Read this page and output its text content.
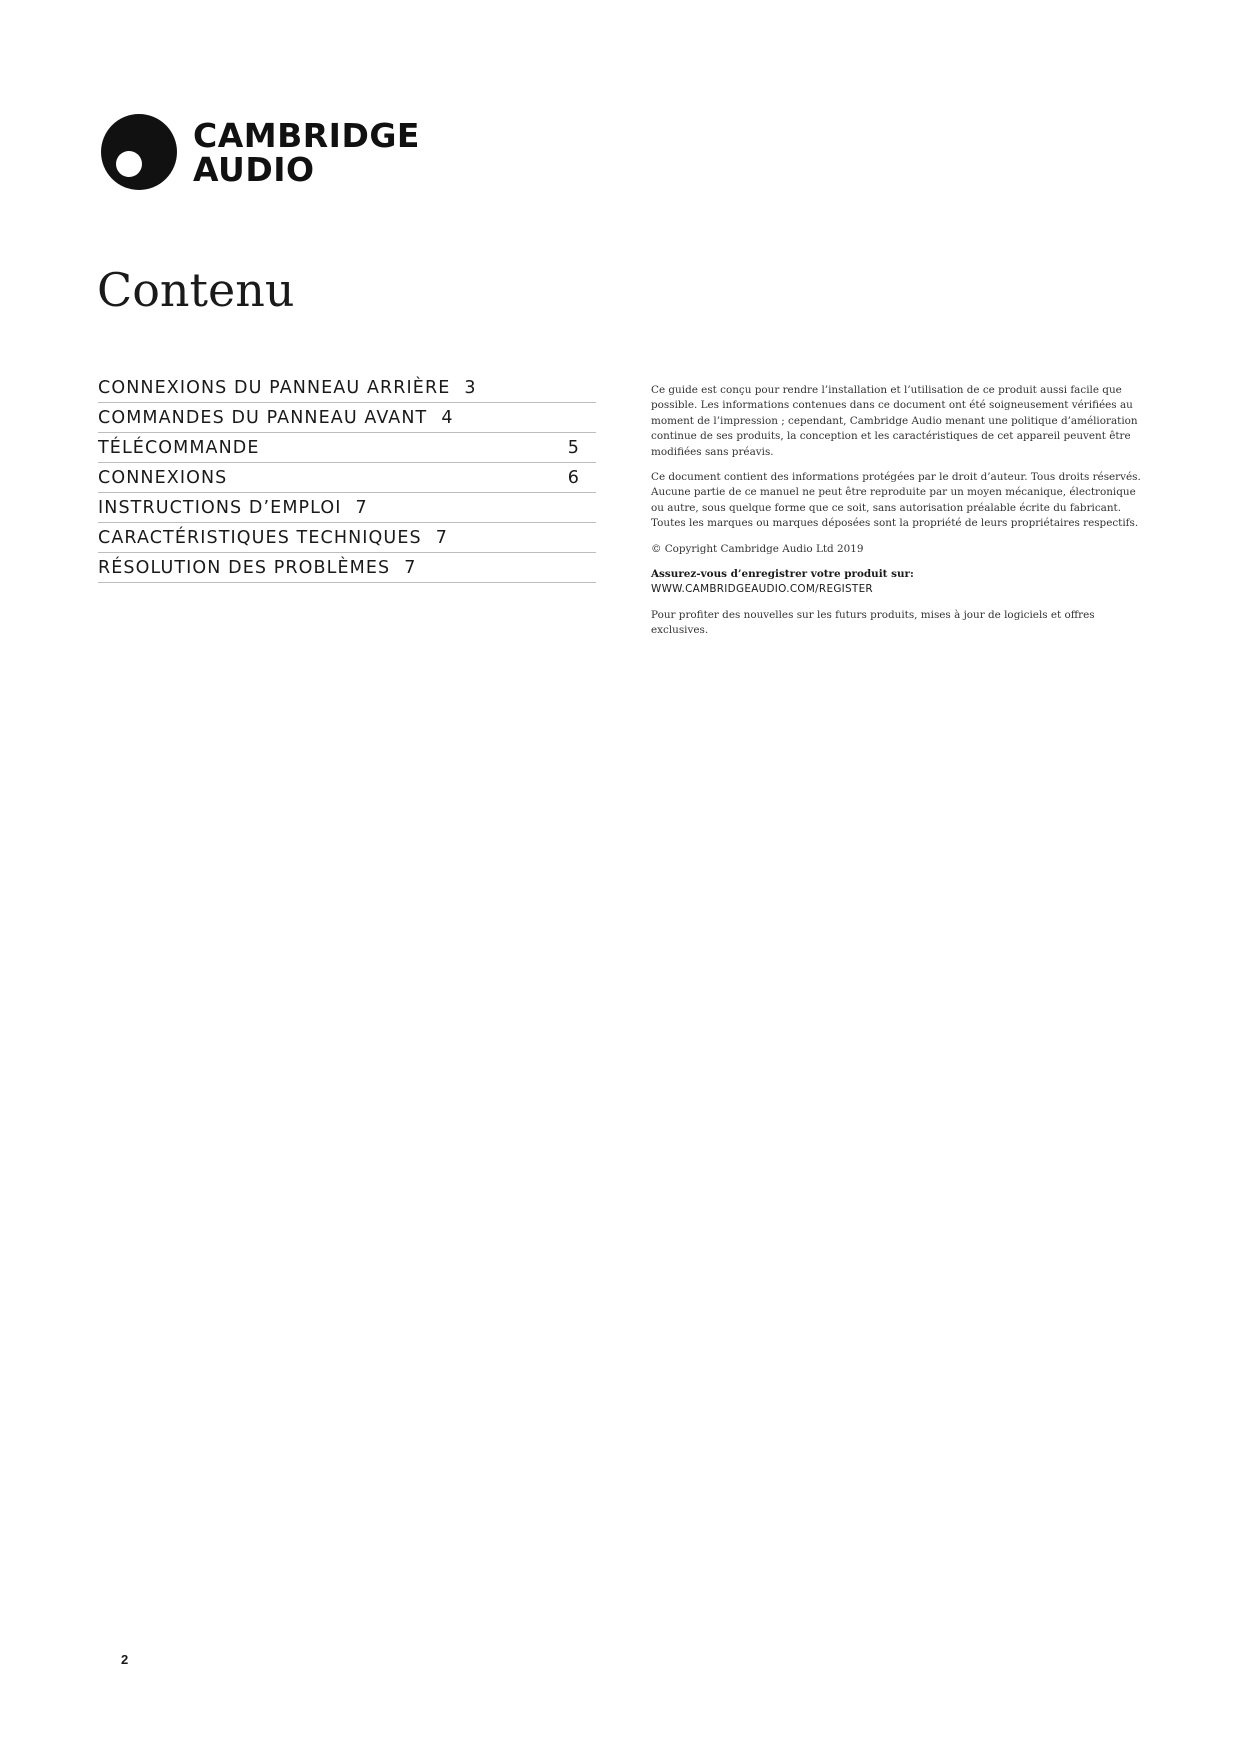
CAMBRIDGE
AUDIO
Contenu
CONNEXIONS DU PANNEAU ARRIÈRE 3
COMMANDES DU PANNEAU AVANT 4
TÉLÉCOMMANDE	5
CONNEXIONS	6
INSTRUCTIONS D’EMPLOI 7
CARACTÉRISTIQUES TECHNIQUES 7
RÉSOLUTION DES PROBLÈMES 7

Ce guide est conçu pour rendre l’installation et l’utilisation de ce produit aussi facile que possible. Les informations contenues dans ce document ont été soigneusement vérifiées au moment de l’impression ; cependant, Cambridge Audio menant une politique d’amélioration continue de ses produits, la conception et les caractéristiques de cet appareil peuvent être modifiées sans préavis.

Ce document contient des informations protégées par le droit d’auteur. Tous droits réservés. Aucune partie de ce manuel ne peut être reproduite par un moyen mécanique, électronique ou autre, sous quelque forme que ce soit, sans autorisation préalable écrite du fabricant. Toutes les marques ou marques déposées sont la propriété de leurs propriétaires respectifs.

© Copyright Cambridge Audio Ltd 2019

Assurez-vous d’enregistrer votre produit sur:

WWW.CAMBRIDGEAUDIO.COM/REGISTER

Pour profiter des nouvelles sur les futurs produits, mises à jour de logiciels et offres exclusives.

2
